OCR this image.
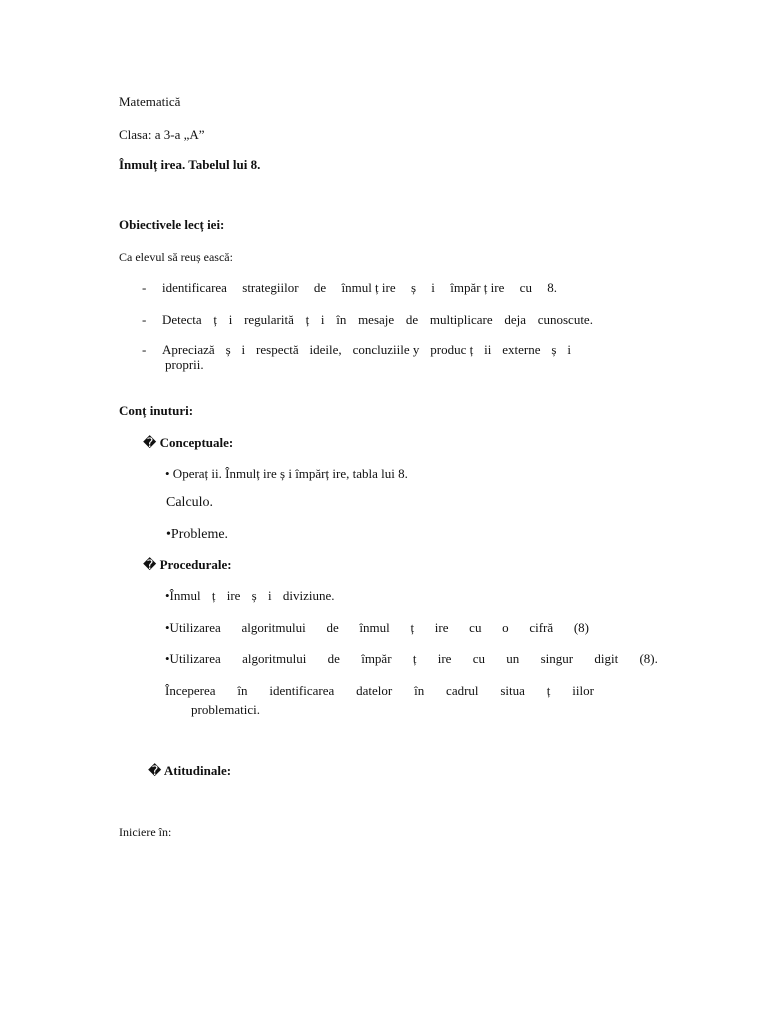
Matematică
Clasa: a 3-a „A”
Înmulț irea. Tabelul lui 8.
Obiectivele lecț iei:
Ca elevul să reuș ească:
- identificarea strategiilor de înmul ț ire ș i împăr ț ire cu 8.
- Detecta ț i regularită ț i în mesaje de multiplicare deja cunoscute.
- Apreciază ș i respectă ideile, concluziile y produc ț ii externe ș i
proprii.
Conț inuturi:
� Conceptuale:
• Operaț ii. Înmulț ire ș i împărț ire, tabla lui 8.
Calculo.
•Probleme.
� Procedurale:
•Înmul ț ire ș i diviziune.
•Utilizarea algoritmului de înmul ț ire cu o cifră (8)
•Utilizarea algoritmului de împăr ț ire cu un singur digit (8).
Începerea în identificarea datelor în cadrul situa ț iilor
problematici.
� Atitudinale:
Iniciere în:
